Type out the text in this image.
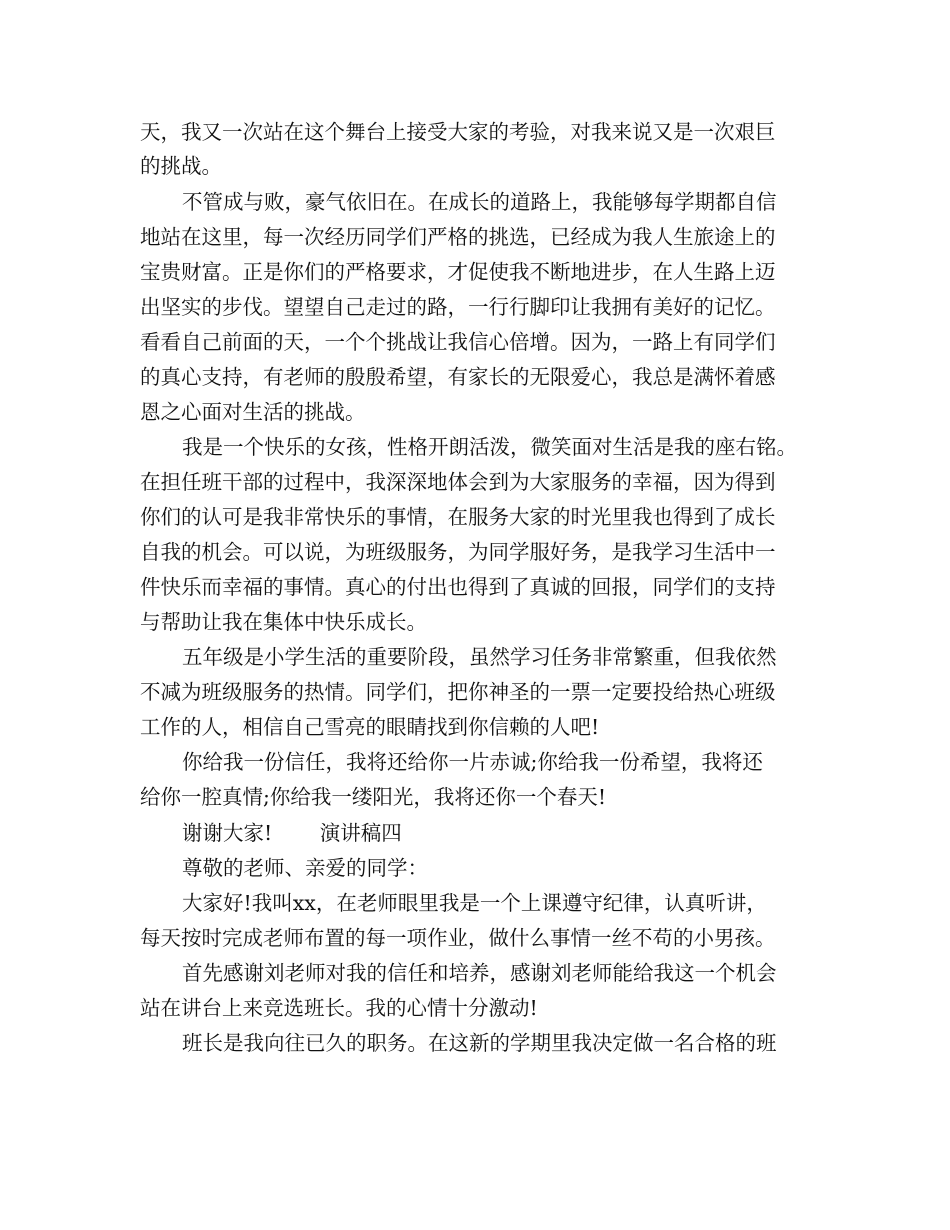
天，我又一次站在这个舞台上接受大家的考验，对我来说又是一次艰巨
的挑战。
不管成与败，豪气依旧在。在成长的道路上，我能够每学期都自信
地站在这里，每一次经历同学们严格的挑选，已经成为我人生旅途上的
宝贵财富。正是你们的严格要求，才促使我不断地进步，在人生路上迈
出坚实的步伐。望望自己走过的路，一行行脚印让我拥有美好的记忆。
看看自己前面的天，一个个挑战让我信心倍增。因为，一路上有同学们
的真心支持，有老师的殷殷希望，有家长的无限爱心，我总是满怀着感
恩之心面对生活的挑战。
我是一个快乐的女孩，性格开朗活泼，微笑面对生活是我的座右铭。
在担任班干部的过程中，我深深地体会到为大家服务的幸福，因为得到
你们的认可是我非常快乐的事情，在服务大家的时光里我也得到了成长
自我的机会。可以说，为班级服务，为同学服好务，是我学习生活中一
件快乐而幸福的事情。真心的付出也得到了真诚的回报，同学们的支持
与帮助让我在集体中快乐成长。
五年级是小学生活的重要阶段，虽然学习任务非常繁重，但我依然
不减为班级服务的热情。同学们，把你神圣的一票一定要投给热心班级
工作的人，相信自己雪亮的眼睛找到你信赖的人吧!
你给我一份信任，我将还给你一片赤诚;你给我一份希望，我将还
给你一腔真情;你给我一缕阳光，我将还你一个春天!
谢谢大家!　　 演讲稿四
尊敬的老师、亲爱的同学：
大家好!我叫xx，在老师眼里我是一个上课遵守纪律，认真听讲，
每天按时完成老师布置的每一项作业，做什么事情一丝不苟的小男孩。
首先感谢刘老师对我的信任和培养，感谢刘老师能给我这一个机会
站在讲台上来竞选班长。我的心情十分激动!
班长是我向往已久的职务。在这新的学期里我决定做一名合格的班
